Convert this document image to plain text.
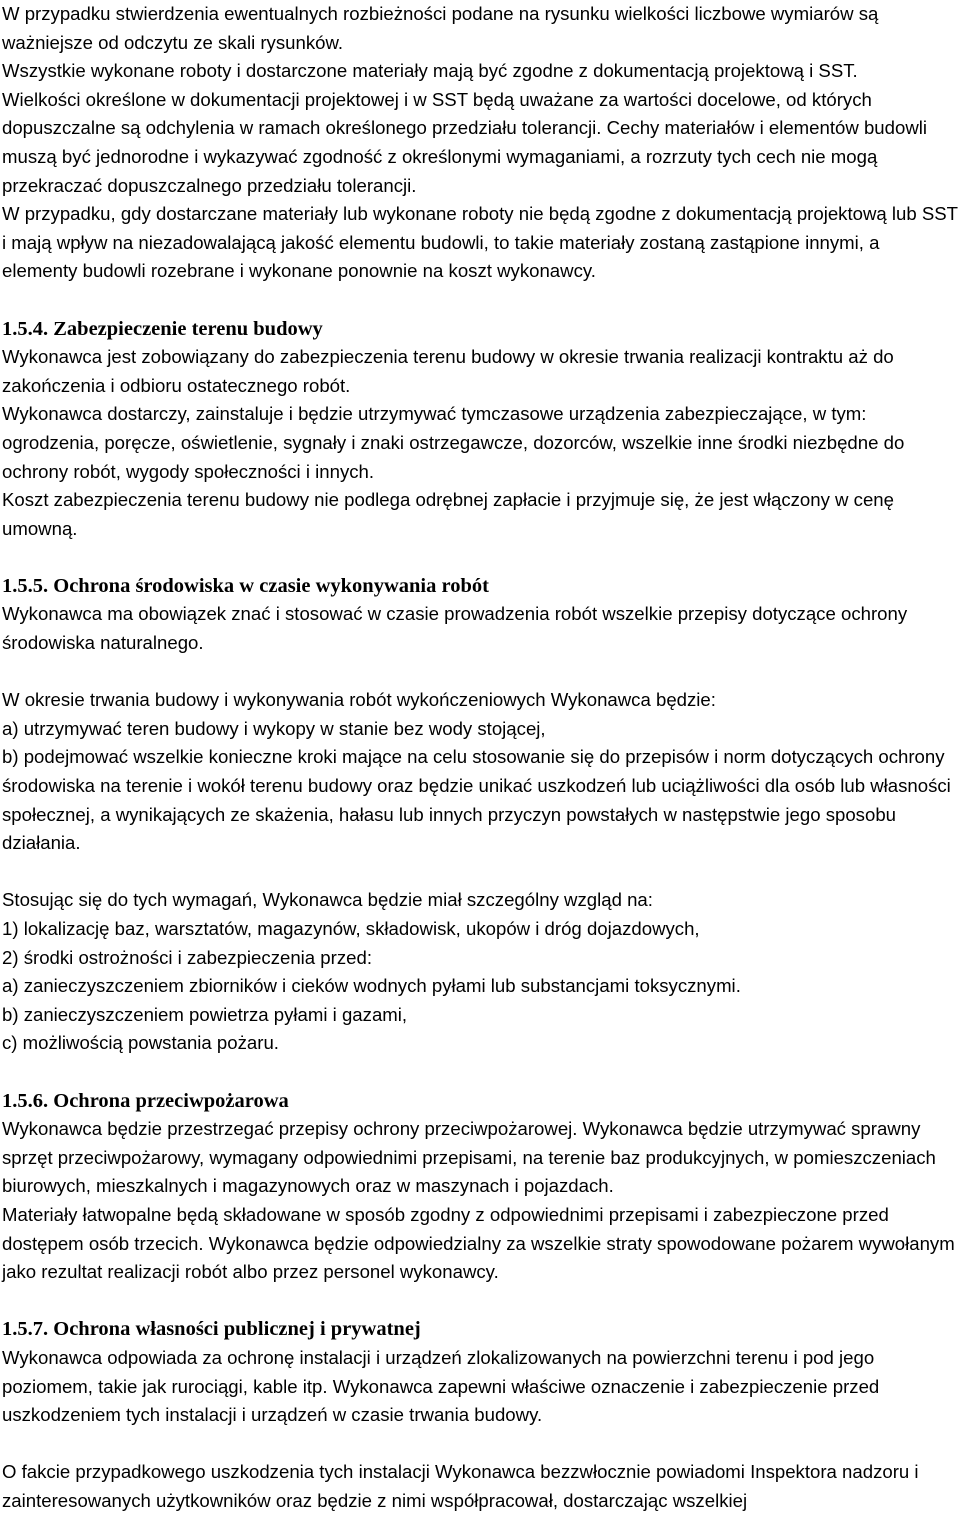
W przypadku stwierdzenia ewentualnych rozbieżności podane na rysunku wielkości liczbowe wymiarów są ważniejsze od odczytu ze skali rysunków.

Wszystkie wykonane roboty i dostarczone materiały mają być zgodne z dokumentacją projektową i SST.

Wielkości określone w dokumentacji projektowej i w SST będą uważane za wartości docelowe, od których dopuszczalne są odchylenia w ramach określonego przedziału tolerancji. Cechy materiałów i elementów budowli muszą być jednorodne i wykazywać zgodność z określonymi wymaganiami, a rozrzuty tych cech nie mogą przekraczać dopuszczalnego przedziału tolerancji.

W przypadku, gdy dostarczane materiały lub wykonane roboty nie będą zgodne z dokumentacją projektową lub SST i mają wpływ na niezadowalającą jakość elementu budowli, to takie materiały zostaną zastąpione innymi, a elementy budowli rozebrane i wykonane ponownie na koszt wykonawcy.

1.5.4. Zabezpieczenie terenu budowy

Wykonawca jest zobowiązany do zabezpieczenia terenu budowy w okresie trwania realizacji kontraktu aż do zakończenia i odbioru ostatecznego robót.

Wykonawca dostarczy, zainstaluje i będzie utrzymywać tymczasowe urządzenia zabezpieczające, w tym: ogrodzenia, poręcze, oświetlenie, sygnały i znaki ostrzegawcze, dozorców, wszelkie inne środki niezbędne do ochrony robót, wygody społeczności i innych.

Koszt zabezpieczenia terenu budowy nie podlega odrębnej zapłacie i przyjmuje się, że jest włączony w cenę umowną.

1.5.5. Ochrona środowiska w czasie wykonywania robót

Wykonawca ma obowiązek znać i stosować w czasie prowadzenia robót wszelkie przepisy dotyczące ochrony środowiska naturalnego.

W okresie trwania budowy i wykonywania robót wykończeniowych Wykonawca będzie:

a) utrzymywać teren budowy i wykopy w stanie bez wody stojącej,

b) podejmować wszelkie konieczne kroki mające na celu stosowanie się do przepisów i norm dotyczących ochrony środowiska na terenie i wokół terenu budowy oraz będzie unikać uszkodzeń lub uciążliwości dla osób lub własności społecznej, a wynikających ze skażenia, hałasu lub innych przyczyn powstałych w następstwie jego sposobu działania.

Stosując się do tych wymagań, Wykonawca będzie miał szczególny wzgląd na:

1) lokalizację baz, warsztatów, magazynów, składowisk, ukopów i dróg dojazdowych,

2) środki ostrożności i zabezpieczenia przed:

a) zanieczyszczeniem zbiorników i cieków wodnych pyłami lub substancjami toksycznymi.

b) zanieczyszczeniem powietrza pyłami i gazami,

c) możliwością powstania pożaru.

1.5.6. Ochrona przeciwpożarowa

Wykonawca będzie przestrzegać przepisy ochrony przeciwpożarowej. Wykonawca będzie utrzymywać sprawny sprzęt przeciwpożarowy, wymagany odpowiednimi przepisami, na terenie baz produkcyjnych, w pomieszczeniach biurowych, mieszkalnych i magazynowych oraz w maszynach i pojazdach.

Materiały łatwopalne będą składowane w sposób zgodny z odpowiednimi przepisami i zabezpieczone przed dostępem osób trzecich. Wykonawca będzie odpowiedzialny za wszelkie straty spowodowane pożarem wywołanym jako rezultat realizacji robót albo przez personel wykonawcy.

1.5.7. Ochrona własności publicznej i prywatnej

Wykonawca odpowiada za ochronę instalacji i urządzeń zlokalizowanych na powierzchni terenu i pod jego poziomem, takie jak rurociągi, kable itp. Wykonawca zapewni właściwe oznaczenie i zabezpieczenie przed uszkodzeniem tych instalacji i urządzeń w czasie trwania budowy.

O fakcie przypadkowego uszkodzenia tych instalacji Wykonawca bezzwłocznie powiadomi Inspektora nadzoru i zainteresowanych użytkowników oraz będzie z nimi współpracował, dostarczając wszelkiej
